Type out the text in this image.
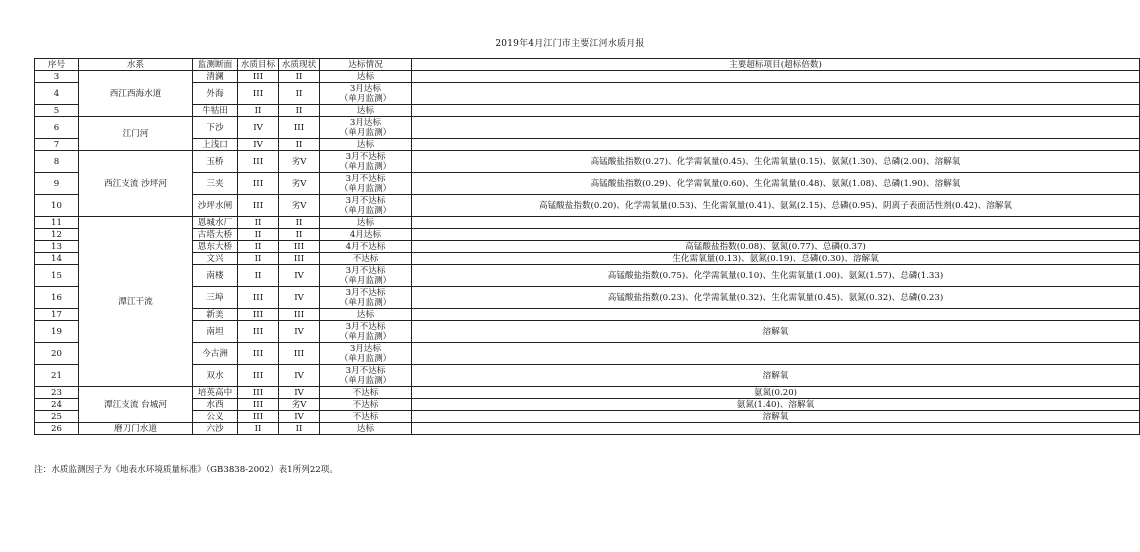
2019年4月江门市主要江河水质月报
序号	水系	监测断面	水质目标	水质现状	达标情况	主要超标项目(超标倍数)
3	西江西海水道	清澜	III	II	达标	

4		外海	III	II	3月达标
（单月监测）	

5		牛牯田	II	II	达标	

6	江门河	下沙	IV	III	3月达标
（单月监测）	

7		上浅口	IV	II	达标	

8	西江支流 沙坪河	玉桥	III	劣V	3月不达标
（单月监测）	高锰酸盐指数(0.27)、化学需氧量(0.45)、生化需氧量(0.15)、氨氮(1.30)、总磷(2.00)、溶解氧
9		三夹	III	劣V	3月不达标
（单月监测）	高锰酸盐指数(0.29)、化学需氧量(0.60)、生化需氧量(0.48)、氨氮(1.08)、总磷(1.90)、溶解氧
10		沙坪水闸	III	劣V	3月不达标
（单月监测）	高锰酸盐指数(0.20)、化学需氧量(0.53)、生化需氧量(0.41)、氨氮(2.15)、总磷(0.95)、阴离子表面活性剂(0.42)、溶解氧
11	潭江干流	恩城水厂	II	II	达标	

12		古塔大桥	II	II	4月达标	

13		恩东大桥	II	III	4月不达标	高锰酸盐指数(0.08)、氨氮(0.77)、总磷(0.37)
14		文兴	II	III	不达标	生化需氧量(0.13)、氨氮(0.19)、总磷(0.30)、溶解氧
15		南楼	II	IV	3月不达标
（单月监测）	高锰酸盐指数(0.75)、化学需氧量(0.10)、生化需氧量(1.00)、氨氮(1.57)、总磷(1.33)
16		三埠	III	IV	3月不达标
（单月监测）	高锰酸盐指数(0.23)、化学需氧量(0.32)、生化需氧量(0.45)、氨氮(0.32)、总磷(0.23)
17		新美	III	III	达标	

19		南坦	III	IV	3月不达标
（单月监测）	溶解氧
20		今古洲	III	III	3月达标
（单月监测）	

21		双水	III	IV	3月不达标
（单月监测）	溶解氧
23	潭江支流 台城河	培英高中	III	IV	不达标	氨氮(0.20)
24		水西	III	劣V	不达标	氨氮(1.40)、溶解氧
25		公义	III	IV	不达标	溶解氧
26	磨刀门水道	六沙	II	II	达标	

注：水质监测因子为《地表水环境质量标准》（GB3838-2002）表1所列22项。
